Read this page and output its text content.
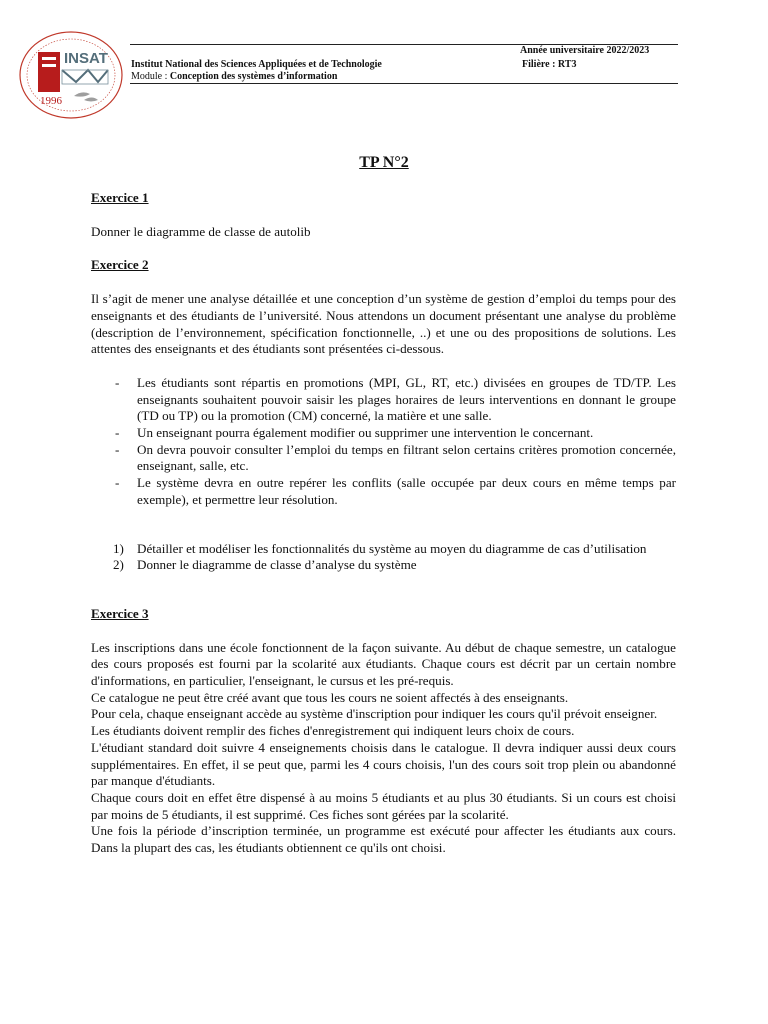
INSAT
1996
Institut National des Sciences Appliquées et de Technologie
Module : Conception des systèmes d’information
Année universitaire 2022/2023
Filière : RT3
TP N°2

Exercice 1

Donner le diagramme de classe de autolib

Exercice 2

Il s’agit de mener une analyse détaillée et une conception d’un système de gestion d’emploi du temps pour des enseignants et des étudiants de l’université. Nous attendons un document présentant une analyse du problème (description de l’environnement, spécification fonctionnelle, ..) et une ou des propositions de solutions. Les attentes des enseignants et des étudiants sont présentées ci-dessous.

- Les étudiants sont répartis en promotions (MPI, GL, RT, etc.) divisées en groupes de TD/TP. Les enseignants souhaitent pouvoir saisir les plages horaires de leurs interventions en donnant le groupe (TD ou TP) ou la promotion (CM) concerné, la matière et une salle.
- Un enseignant pourra également modifier ou supprimer une intervention le concernant.
- On devra pouvoir consulter l’emploi du temps en filtrant selon certains critères promotion concernée, enseignant, salle, etc.
- Le système devra en outre repérer les conflits (salle occupée par deux cours en même temps par exemple), et permettre leur résolution.
1) Détailler et modéliser les fonctionnalités du système au moyen du diagramme de cas d’utilisation
2) Donner le diagramme de classe d’analyse du système

Exercice 3

Les inscriptions dans une école fonctionnent de la façon suivante. Au début de chaque semestre, un catalogue des cours proposés est fourni par la scolarité aux étudiants. Chaque cours est décrit par un certain nombre d'informations, en particulier, l'enseignant, le cursus et les pré-requis.

Ce catalogue ne peut être créé avant que tous les cours ne soient affectés à des enseignants.

Pour cela, chaque enseignant accède au système d'inscription pour indiquer les cours qu'il prévoit enseigner.

Les étudiants doivent remplir des fiches d'enregistrement qui indiquent leurs choix de cours.

L'étudiant standard doit suivre 4 enseignements choisis dans le catalogue. Il devra indiquer aussi deux cours supplémentaires. En effet, il se peut que, parmi les 4 cours choisis, l'un des cours soit trop plein ou abandonné par manque d'étudiants.

Chaque cours doit en effet être dispensé à au moins 5 étudiants et au plus 30 étudiants. Si un cours est choisi par moins de 5 étudiants, il est supprimé. Ces fiches sont gérées par la scolarité.

Une fois la période d’inscription terminée, un programme est exécuté pour affecter les étudiants aux cours. Dans la plupart des cas, les étudiants obtiennent ce qu'ils ont choisi.
